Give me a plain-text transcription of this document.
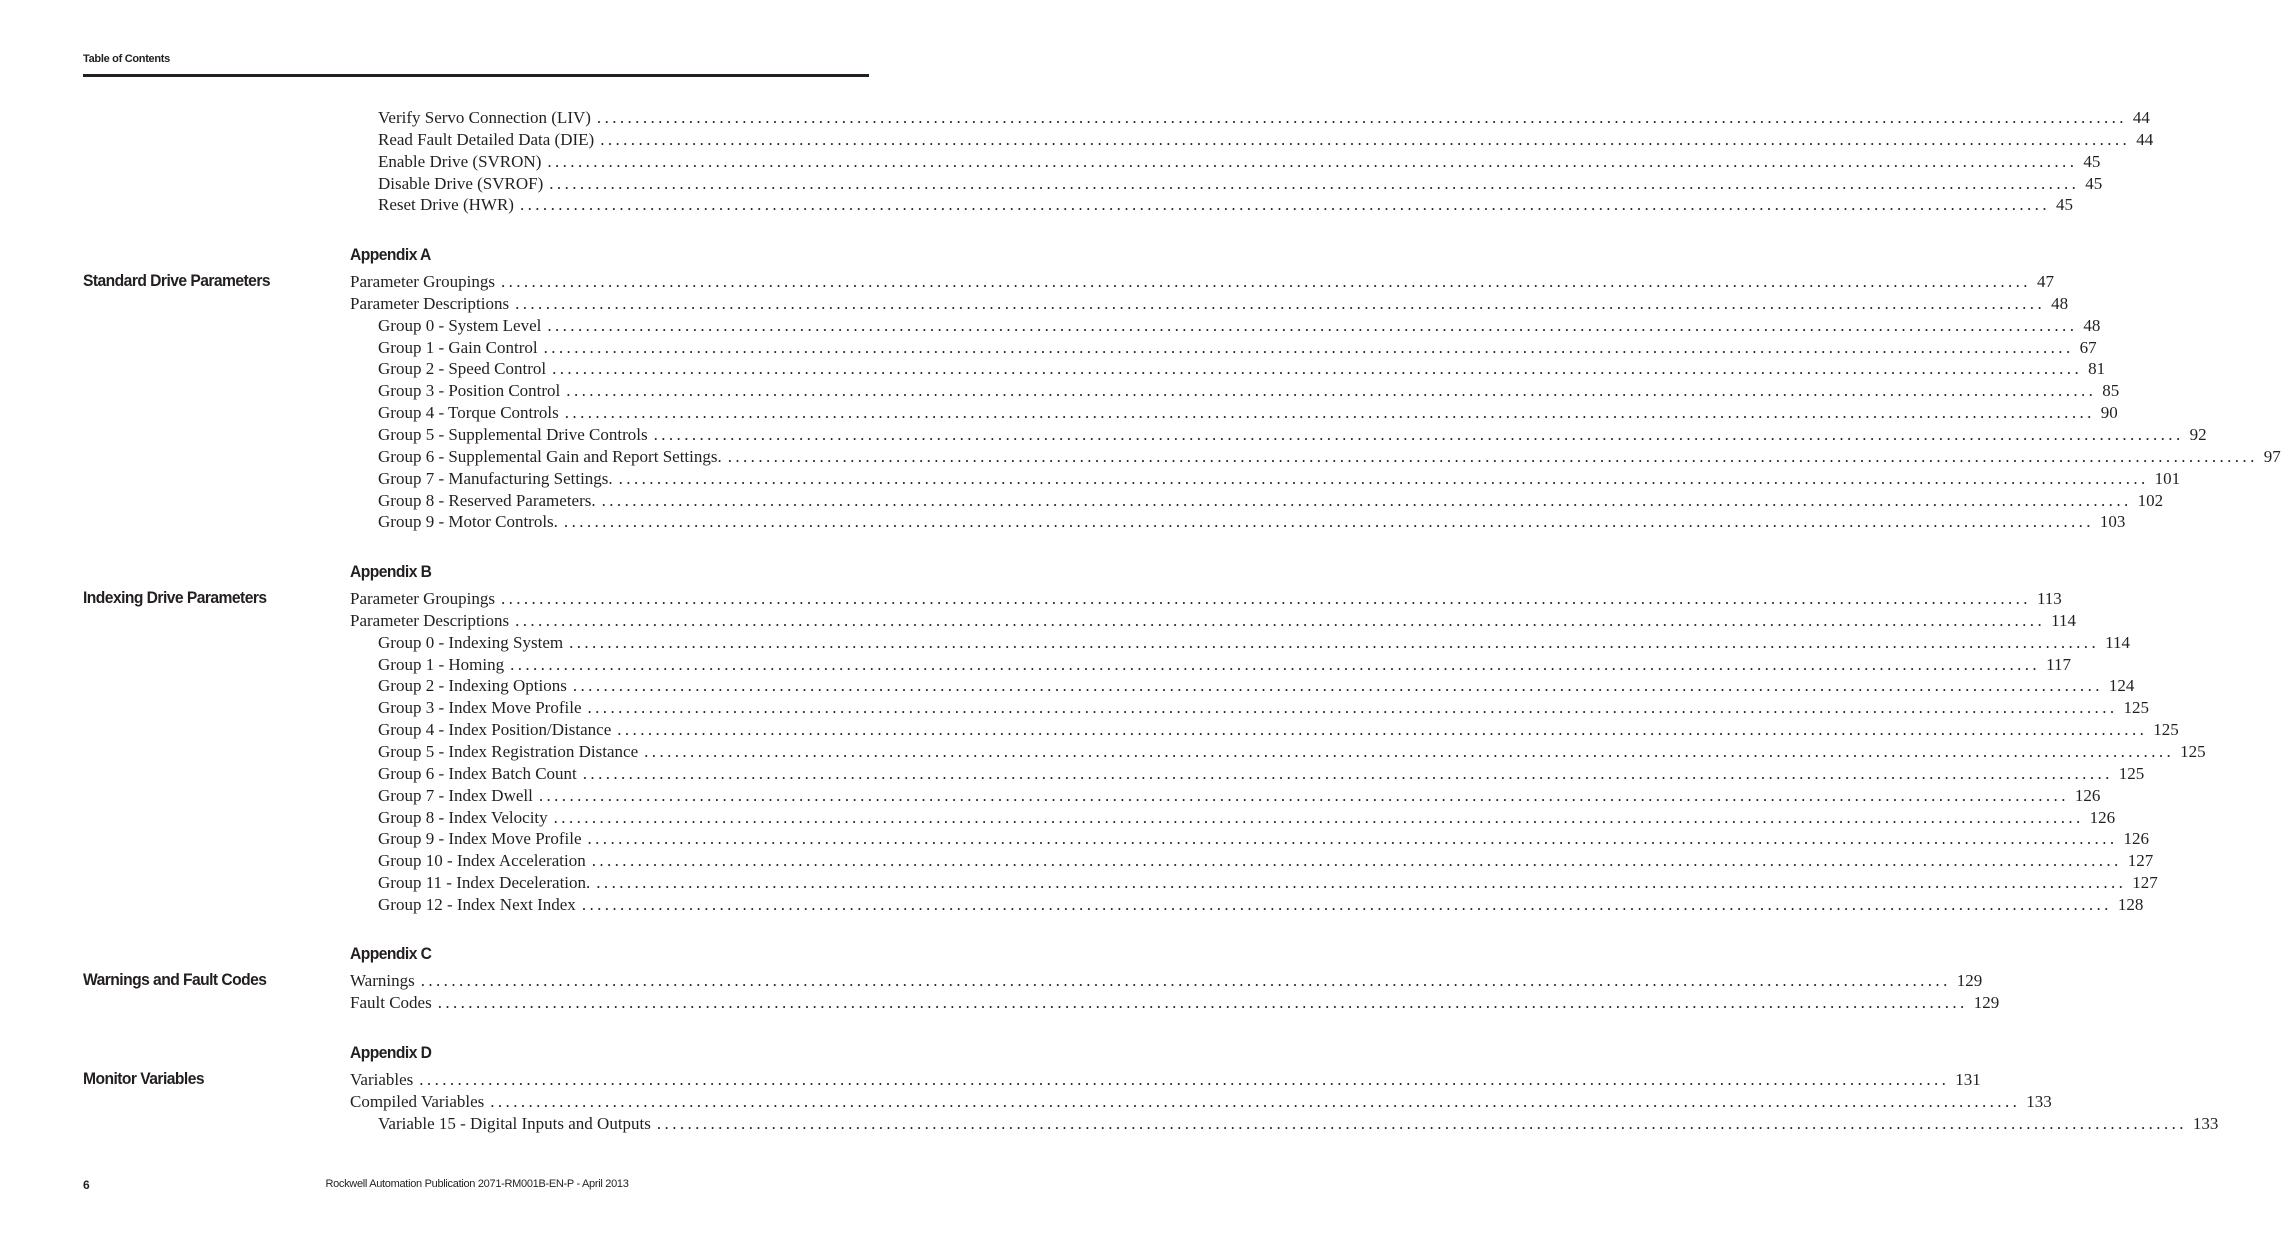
Table of Contents
Verify Servo Connection (LIV) ........................................................................................................................................................................................................ 44
Read Fault Detailed Data (DIE) ........................................................................................................................................................................................................ 44
Enable Drive (SVRON) ........................................................................................................................................................................................................ 45
Disable Drive (SVROF) ........................................................................................................................................................................................................ 45
Reset Drive (HWR) ........................................................................................................................................................................................................ 45
Appendix A
Standard Drive Parameters	Parameter Groupings ........................................................................................................................................................................................................ 47
Parameter Descriptions ........................................................................................................................................................................................................ 48
Group 0 - System Level ........................................................................................................................................................................................................ 48
Group 1 - Gain Control ........................................................................................................................................................................................................ 67
Group 2 - Speed Control ........................................................................................................................................................................................................ 81
Group 3 - Position Control ........................................................................................................................................................................................................ 85
Group 4 - Torque Controls ........................................................................................................................................................................................................ 90
Group 5 - Supplemental Drive Controls ........................................................................................................................................................................................................ 92
Group 6 - Supplemental Gain and Report Settings. ........................................................................................................................................................................................................ 97
Group 7 - Manufacturing Settings. ........................................................................................................................................................................................................ 101
Group 8 - Reserved Parameters. ........................................................................................................................................................................................................ 102
Group 9 - Motor Controls. ........................................................................................................................................................................................................ 103
Appendix B
Indexing Drive Parameters	Parameter Groupings ........................................................................................................................................................................................................ 113
Parameter Descriptions ........................................................................................................................................................................................................ 114
Group 0 - Indexing System ........................................................................................................................................................................................................ 114
Group 1 - Homing ........................................................................................................................................................................................................ 117
Group 2 - Indexing Options ........................................................................................................................................................................................................ 124
Group 3 - Index Move Profile ........................................................................................................................................................................................................ 125
Group 4 - Index Position/Distance ........................................................................................................................................................................................................ 125
Group 5 - Index Registration Distance ........................................................................................................................................................................................................ 125
Group 6 - Index Batch Count ........................................................................................................................................................................................................ 125
Group 7 - Index Dwell ........................................................................................................................................................................................................ 126
Group 8 - Index Velocity ........................................................................................................................................................................................................ 126
Group 9 - Index Move Profile ........................................................................................................................................................................................................ 126
Group 10 - Index Acceleration ........................................................................................................................................................................................................ 127
Group 11 - Index Deceleration. ........................................................................................................................................................................................................ 127
Group 12 - Index Next Index ........................................................................................................................................................................................................ 128
Appendix C
Warnings and Fault Codes	Warnings ........................................................................................................................................................................................................ 129
Fault Codes ........................................................................................................................................................................................................ 129
Appendix D
Monitor Variables	Variables ........................................................................................................................................................................................................ 131
Compiled Variables ........................................................................................................................................................................................................ 133
Variable 15 - Digital Inputs and Outputs ........................................................................................................................................................................................................ 133
6	Rockwell Automation Publication 2071-RM001B-EN-P - April 2013
